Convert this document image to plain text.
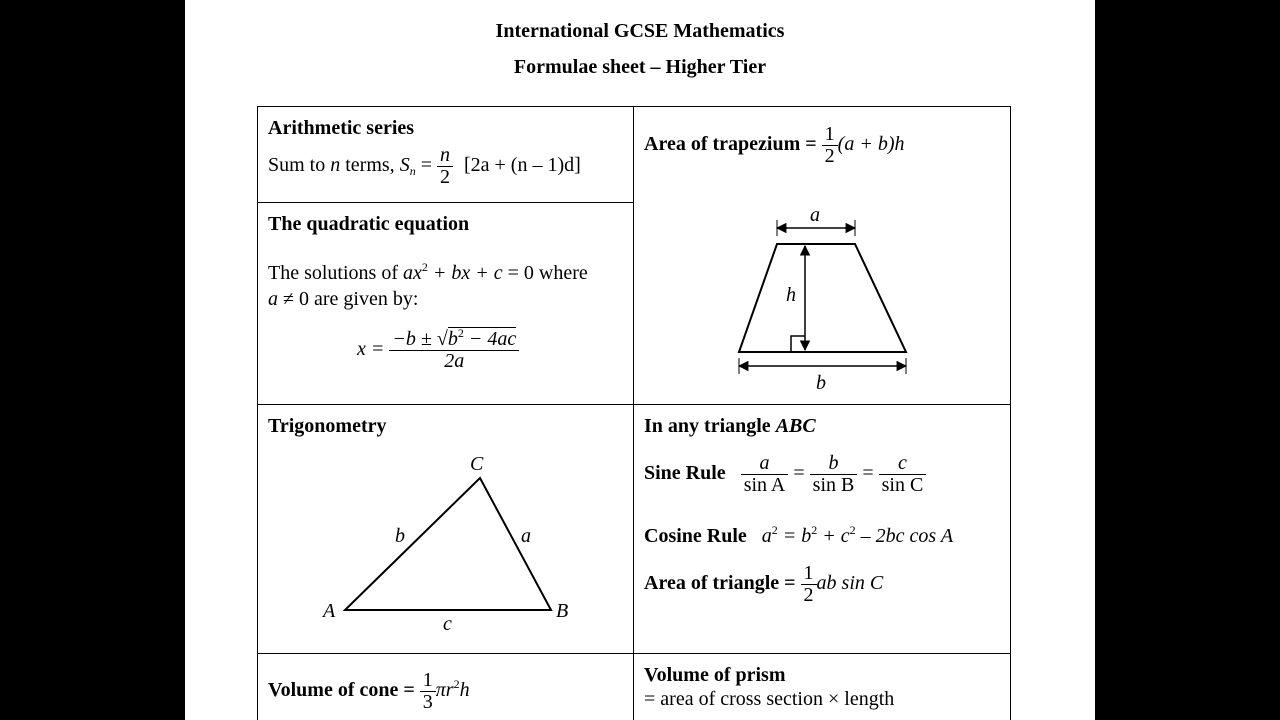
International GCSE Mathematics
Formulae sheet – Higher Tier
Arithmetic series
Sum to n terms, $S_n = \frac{n}{2} [2a + (n - 1)d]$
Area of trapezium = $\frac{1}{2} (a + b)h$
a
h
b
The quadratic equation
The solutions of $ax^2$ + bx + c = 0 where
a ≠ 0 are given by:
$x = \frac{-b \pm √b^2 - 4ac}{2a}$
Trigonometry
C
A	B
b	a
c
In any triangle ABC
Sine Rule $\frac{a}{\text{sin A}} = \frac{b}{\text{sin B}} = \frac{c}{\text{sin C}}$
Cosine Rule $a^2 = b^2 + c^2 - 2bc$ cos A
Area of triangle = $\frac{1}{2}$ ab sin C
Volume of cone = $\frac{1}{3} \pi r^2h$
Volume of prism
= area of cross section × length
